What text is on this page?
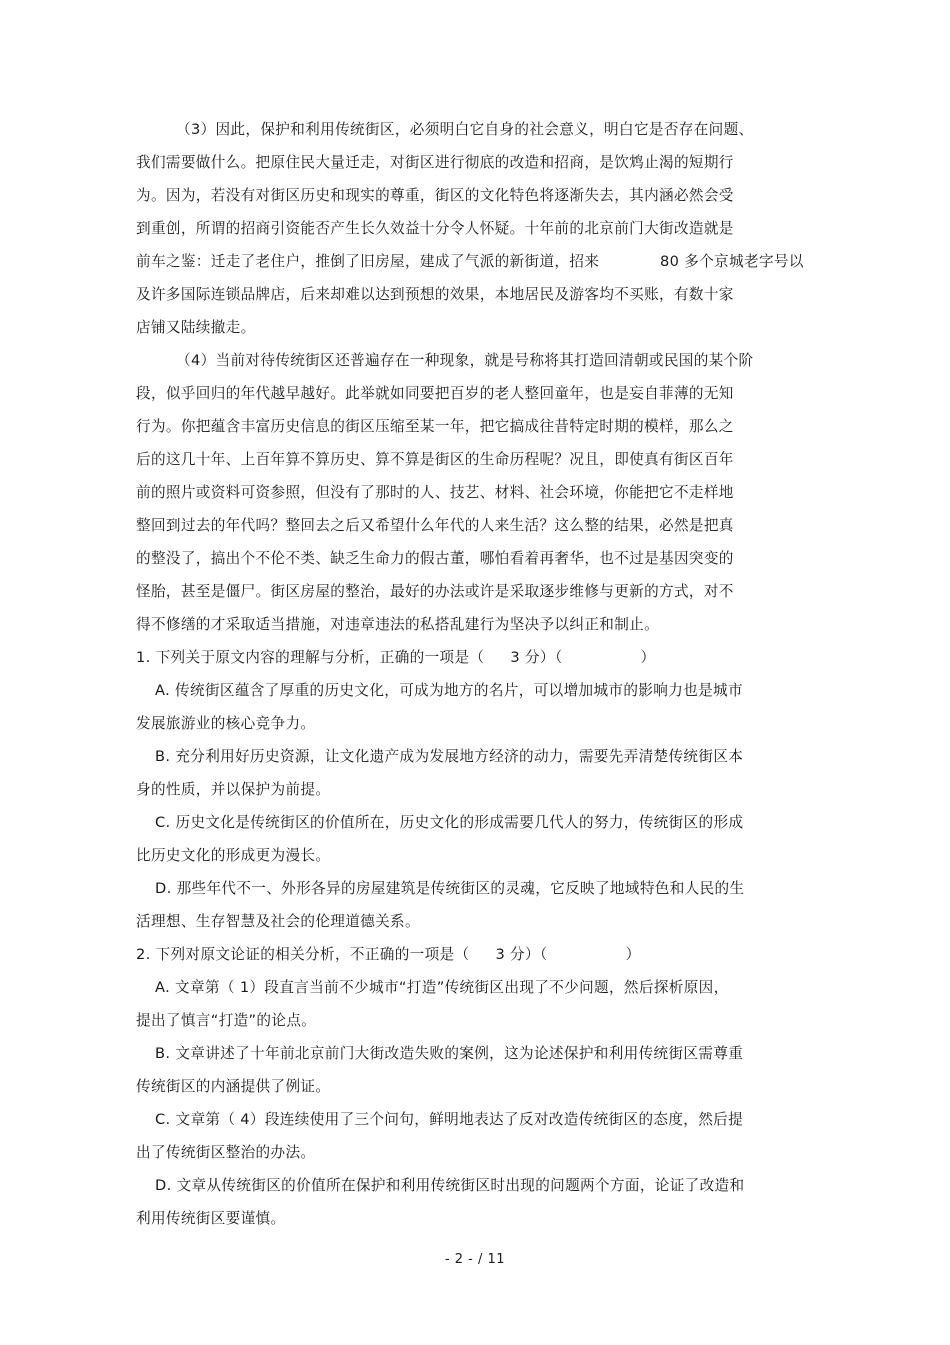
（3）因此，保护和利用传统街区，必须明白它自身的社会意义，明白它是否存在问题、
我们需要做什么。把原住民大量迁走，对街区进行彻底的改造和招商，是饮鸩止渴的短期行
为。因为，若没有对街区历史和现实的尊重，街区的文化特色将逐渐失去，其内涵必然会受
到重创，所谓的招商引资能否产生长久效益十分令人怀疑。十年前的北京前门大街改造就是
前车之鉴：迁走了老住户，推倒了旧房屋，建成了气派的新街道，招来	80 多个京城老字号以
及许多国际连锁品牌店，后来却难以达到预想的效果，本地居民及游客均不买账，有数十家
店铺又陆续撤走。
（4）当前对待传统街区还普遍存在一种现象，就是号称将其打造回清朝或民国的某个阶
段，似乎回归的年代越早越好。此举就如同要把百岁的老人整回童年，也是妄自菲薄的无知
行为。你把蕴含丰富历史信息的街区压缩至某一年，把它搞成往昔特定时期的模样，那么之
后的这几十年、上百年算不算历史、算不算是街区的生命历程呢？况且，即使真有街区百年
前的照片或资料可资参照，但没有了那时的人、技艺、材料、社会环境，你能把它不走样地
整回到过去的年代吗？整回去之后又希望什么年代的人来生活？这么整的结果，必然是把真
的整没了，搞出个不伦不类、缺乏生命力的假古董，哪怕看着再奢华，也不过是基因突变的
怪胎，甚至是僵尸。街区房屋的整治，最好的办法或许是采取逐步维修与更新的方式，对不
得不修缮的才采取适当措施，对违章违法的私搭乱建行为坚决予以纠正和制止。
1. 下列关于原文内容的理解与分析，正确的一项是（ 3 分）（	）
A. 传统街区蕴含了厚重的历史文化，可成为地方的名片，可以增加城市的影响力也是城市
发展旅游业的核心竞争力。
B. 充分利用好历史资源，让文化遗产成为发展地方经济的动力，需要先弄清楚传统街区本
身的性质，并以保护为前提。
C. 历史文化是传统街区的价值所在，历史文化的形成需要几代人的努力，传统街区的形成
比历史文化的形成更为漫长。
D. 那些年代不一、外形各异的房屋建筑是传统街区的灵魂，它反映了地域特色和人民的生
活理想、生存智慧及社会的伦理道德关系。
2. 下列对原文论证的相关分析，不正确的一项是（ 3 分）（	）
A. 文章第（ 1）段直言当前不少城市“打造”传统街区出现了不少问题，然后探析原因，
提出了慎言“打造”的论点。
B. 文章讲述了十年前北京前门大街改造失败的案例，这为论述保护和利用传统街区需尊重
传统街区的内涵提供了例证。
C. 文章第（ 4）段连续使用了三个问句，鲜明地表达了反对改造传统街区的态度，然后提
出了传统街区整治的办法。
D. 文章从传统街区的价值所在保护和利用传统街区时出现的问题两个方面，论证了改造和
利用传统街区要谨慎。
- 2 - / 11
